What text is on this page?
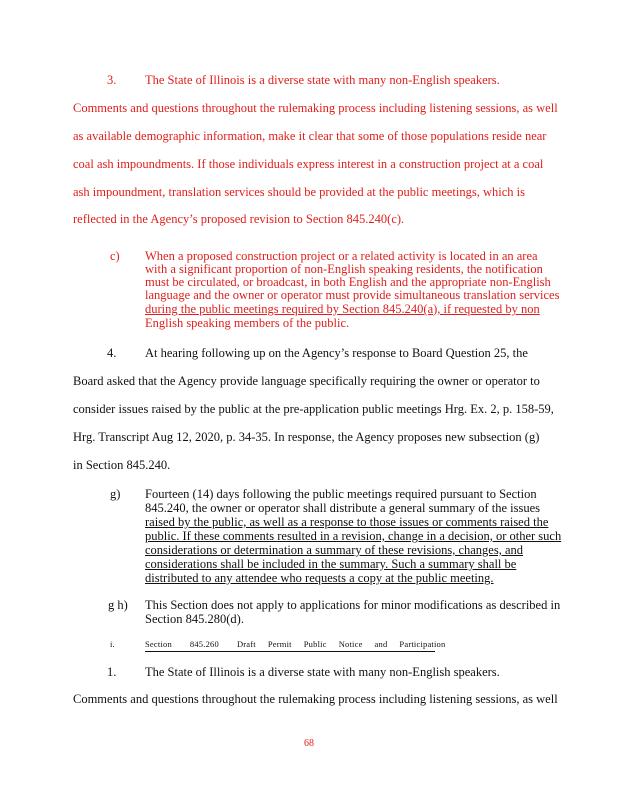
3. The State of Illinois is a diverse state with many non-English speakers.
Comments and questions throughout the rulemaking process including listening sessions, as well
as available demographic information, make it clear that some of those populations reside near
coal ash impoundments. If those individuals express interest in a construction project at a coal
ash impoundment, translation services should be provided at the public meetings, which is
reflected in the Agency’s proposed revision to Section 845.240(c).
c) When a proposed construction project or a related activity is located in an area
with a significant proportion of non-English speaking residents, the notification
must be circulated, or broadcast, in both English and the appropriate non-English
language and the owner or operator must provide simultaneous translation services
during the public meetings required by Section 845.240(a), if requested by non
English speaking members of the public.
4. At hearing following up on the Agency’s response to Board Question 25, the
Board asked that the Agency provide language specifically requiring the owner or operator to
consider issues raised by the public at the pre-application public meetings Hrg. Ex. 2, p. 158-59,
Hrg. Transcript Aug 12, 2020, p. 34-35. In response, the Agency proposes new subsection (g)
in Section 845.240.
g) Fourteen (14) days following the public meetings required pursuant to Section
845.240, the owner or operator shall distribute a general summary of the issues
raised by the public, as well as a response to those issues or comments raised the
public. If these comments resulted in a revision, change in a decision, or other such
considerations or determination a summary of these revisions, changes, and
considerations shall be included in the summary. Such a summary shall be
distributed to any attendee who requests a copy at the public meeting.
g h) This Section does not apply to applications for minor modifications as described in
Section 845.280(d).
i.	Section 845.260 Draft Permit Public Notice and Participation
1. The State of Illinois is a diverse state with many non-English speakers.
Comments and questions throughout the rulemaking process including listening sessions, as well
68
